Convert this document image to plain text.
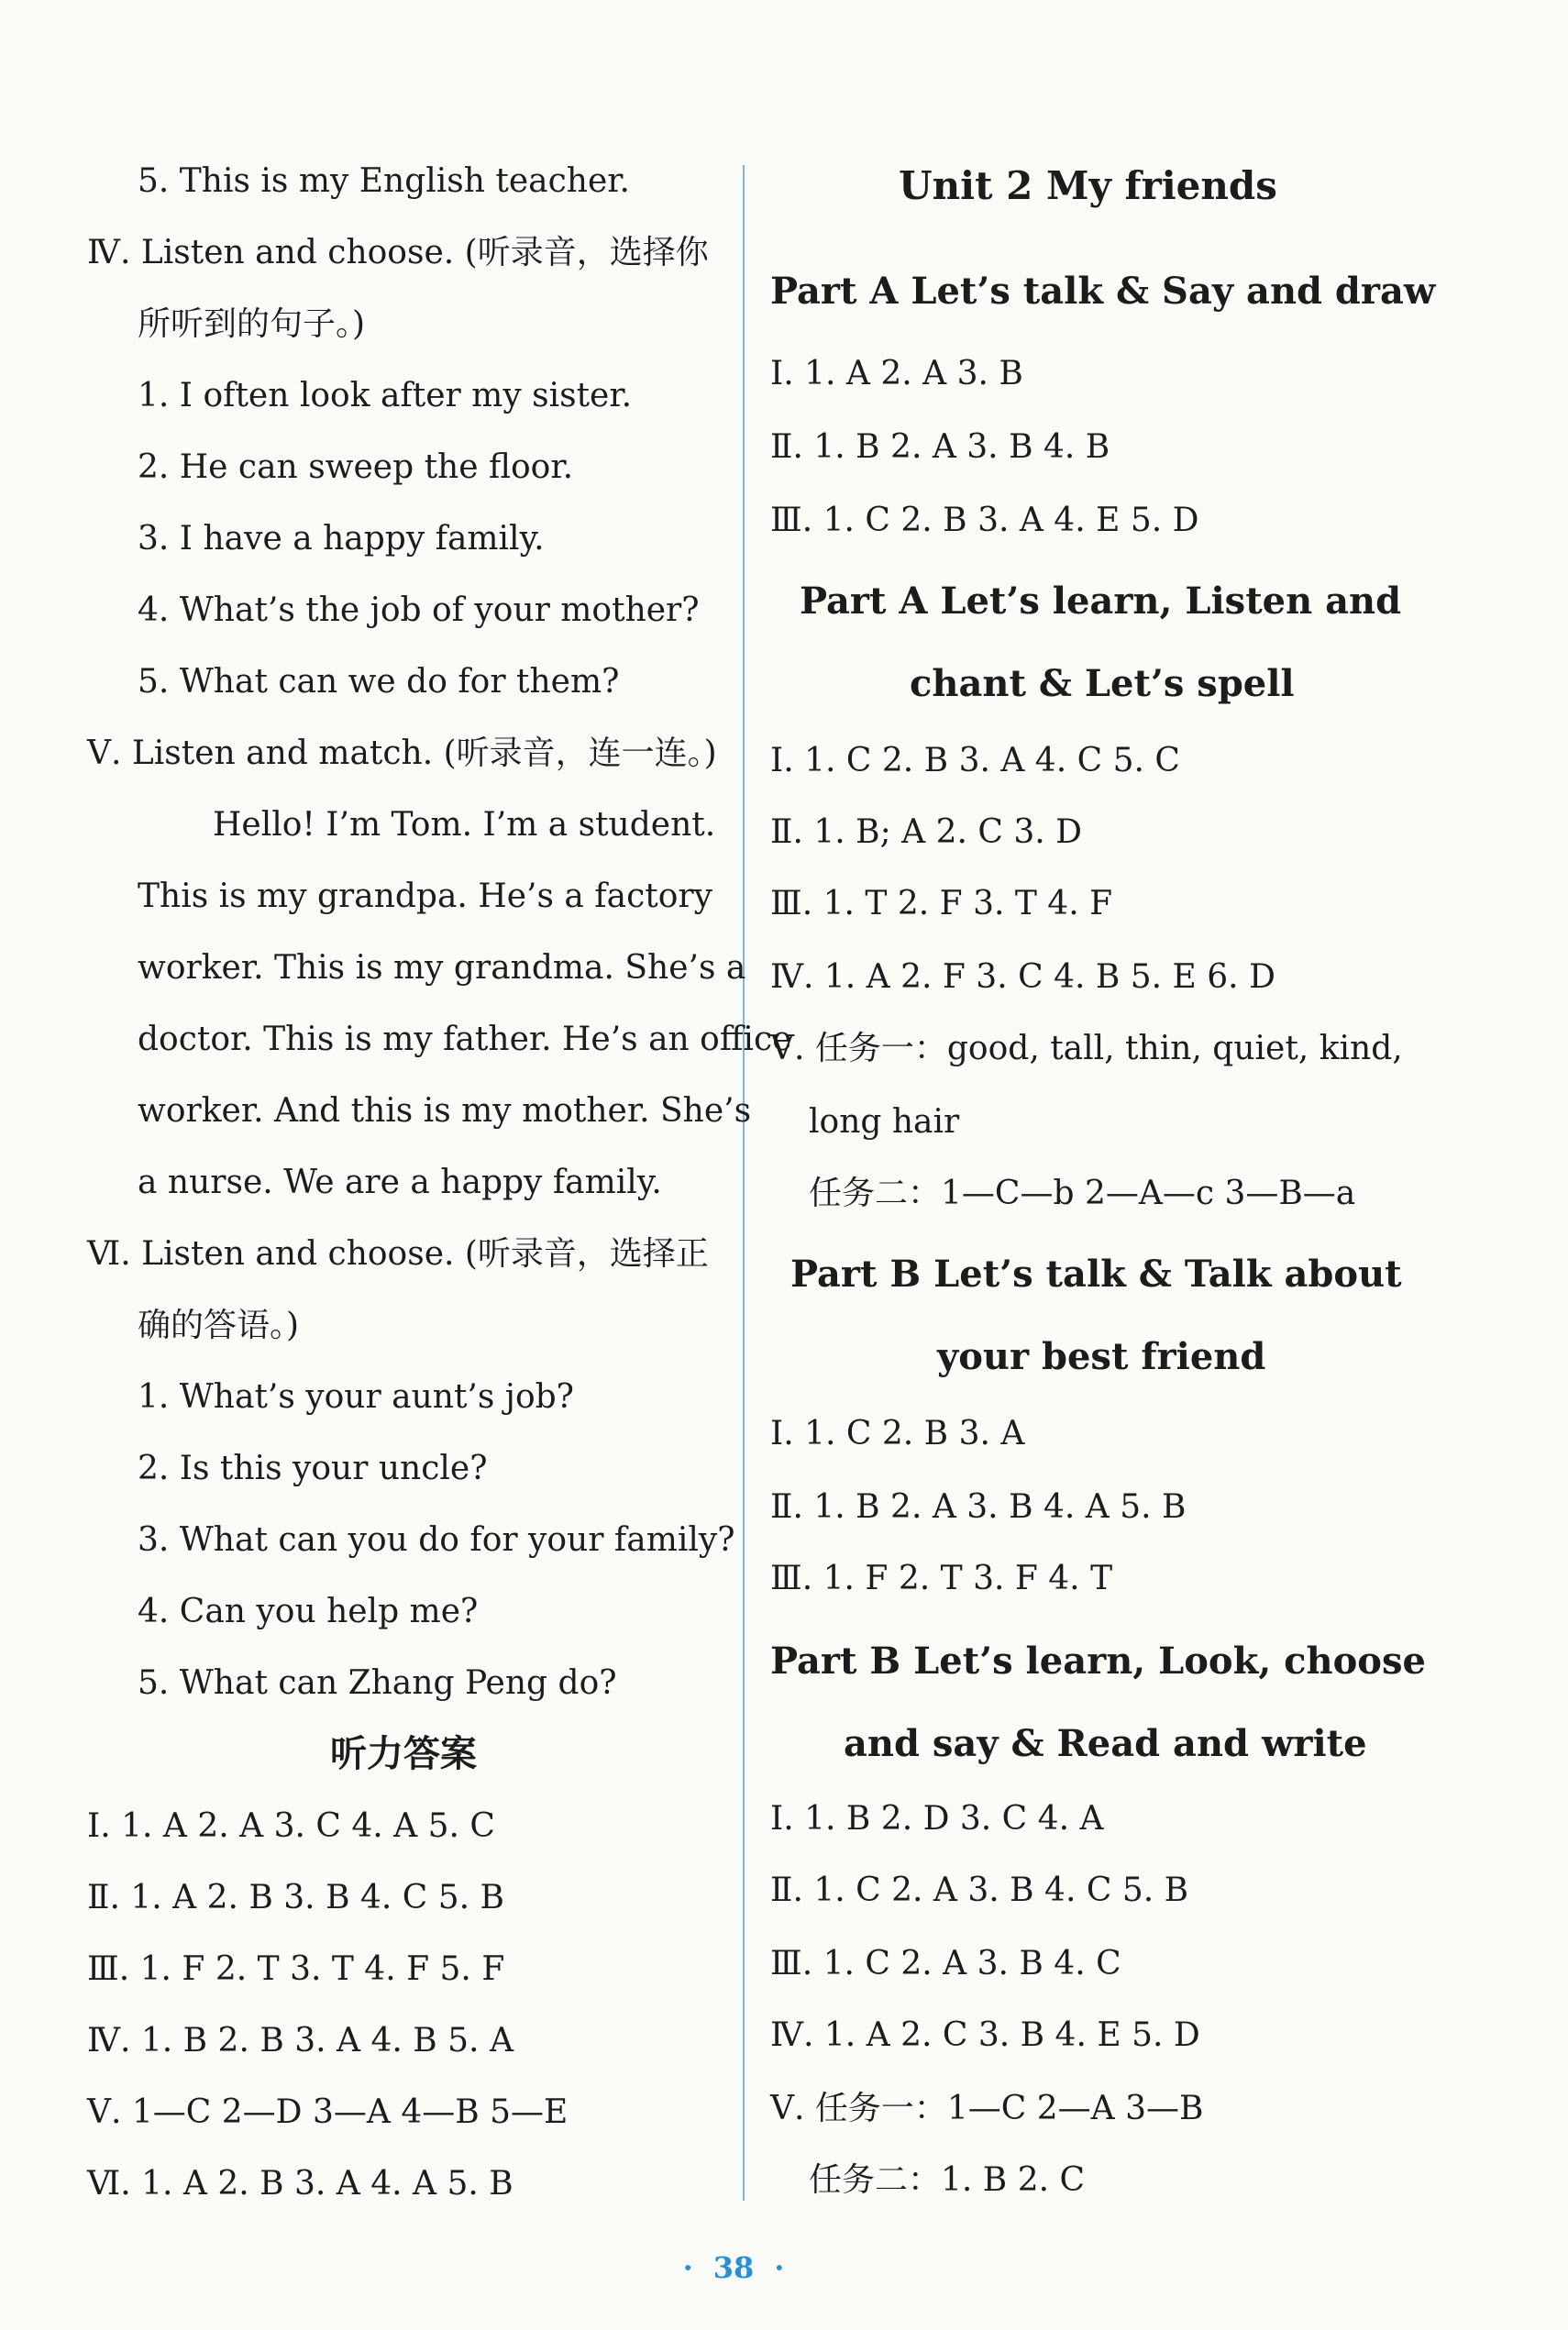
5. This is my English teacher.
Ⅳ. Listen and choose. (听录音，选择你
所听到的句子。)
1. I often look after my sister.
2. He can sweep the floor.
3. I have a happy family.
4. What’s the job of your mother?
5. What can we do for them?
Ⅴ. Listen and match. (听录音，连一连。)
Hello! I’m Tom. I’m a student.
This is my grandpa. He’s a factory
worker. This is my grandma. She’s a
doctor. This is my father. He’s an office
worker. And this is my mother. She’s
a nurse. We are a happy family.
Ⅵ. Listen and choose. (听录音，选择正
确的答语。)
1. What’s your aunt’s job?
2. Is this your uncle?
3. What can you do for your family?
4. Can you help me?
5. What can Zhang Peng do?
听力答案
Ⅰ. 1. A 2. A 3. C 4. A 5. C
Ⅱ. 1. A 2. B 3. B 4. C 5. B
Ⅲ. 1. F 2. T 3. T 4. F 5. F
Ⅳ. 1. B 2. B 3. A 4. B 5. A
Ⅴ. 1—C 2—D 3—A 4—B 5—E
Ⅵ. 1. A 2. B 3. A 4. A 5. B
Unit 2 My friends
Part A Let’s talk & Say and draw
Ⅰ. 1. A 2. A 3. B
Ⅱ. 1. B 2. A 3. B 4. B
Ⅲ. 1. C 2. B 3. A 4. E 5. D
Part A Let’s learn, Listen and
chant & Let’s spell
Ⅰ. 1. C 2. B 3. A 4. C 5. C
Ⅱ. 1. B; A 2. C 3. D
Ⅲ. 1. T 2. F 3. T 4. F
Ⅳ. 1. A 2. F 3. C 4. B 5. E 6. D
Ⅴ. 任务一：good, tall, thin, quiet, kind,
long hair
任务二：1—C—b 2—A—c 3—B—a
Part B Let’s talk & Talk about
your best friend
Ⅰ. 1. C 2. B 3. A
Ⅱ. 1. B 2. A 3. B 4. A 5. B
Ⅲ. 1. F 2. T 3. F 4. T
Part B Let’s learn, Look, choose
and say & Read and write
Ⅰ. 1. B 2. D 3. C 4. A
Ⅱ. 1. C 2. A 3. B 4. C 5. B
Ⅲ. 1. C 2. A 3. B 4. C
Ⅳ. 1. A 2. C 3. B 4. E 5. D
Ⅴ. 任务一：1—C 2—A 3—B
任务二：1. B 2. C
· 38 ·
